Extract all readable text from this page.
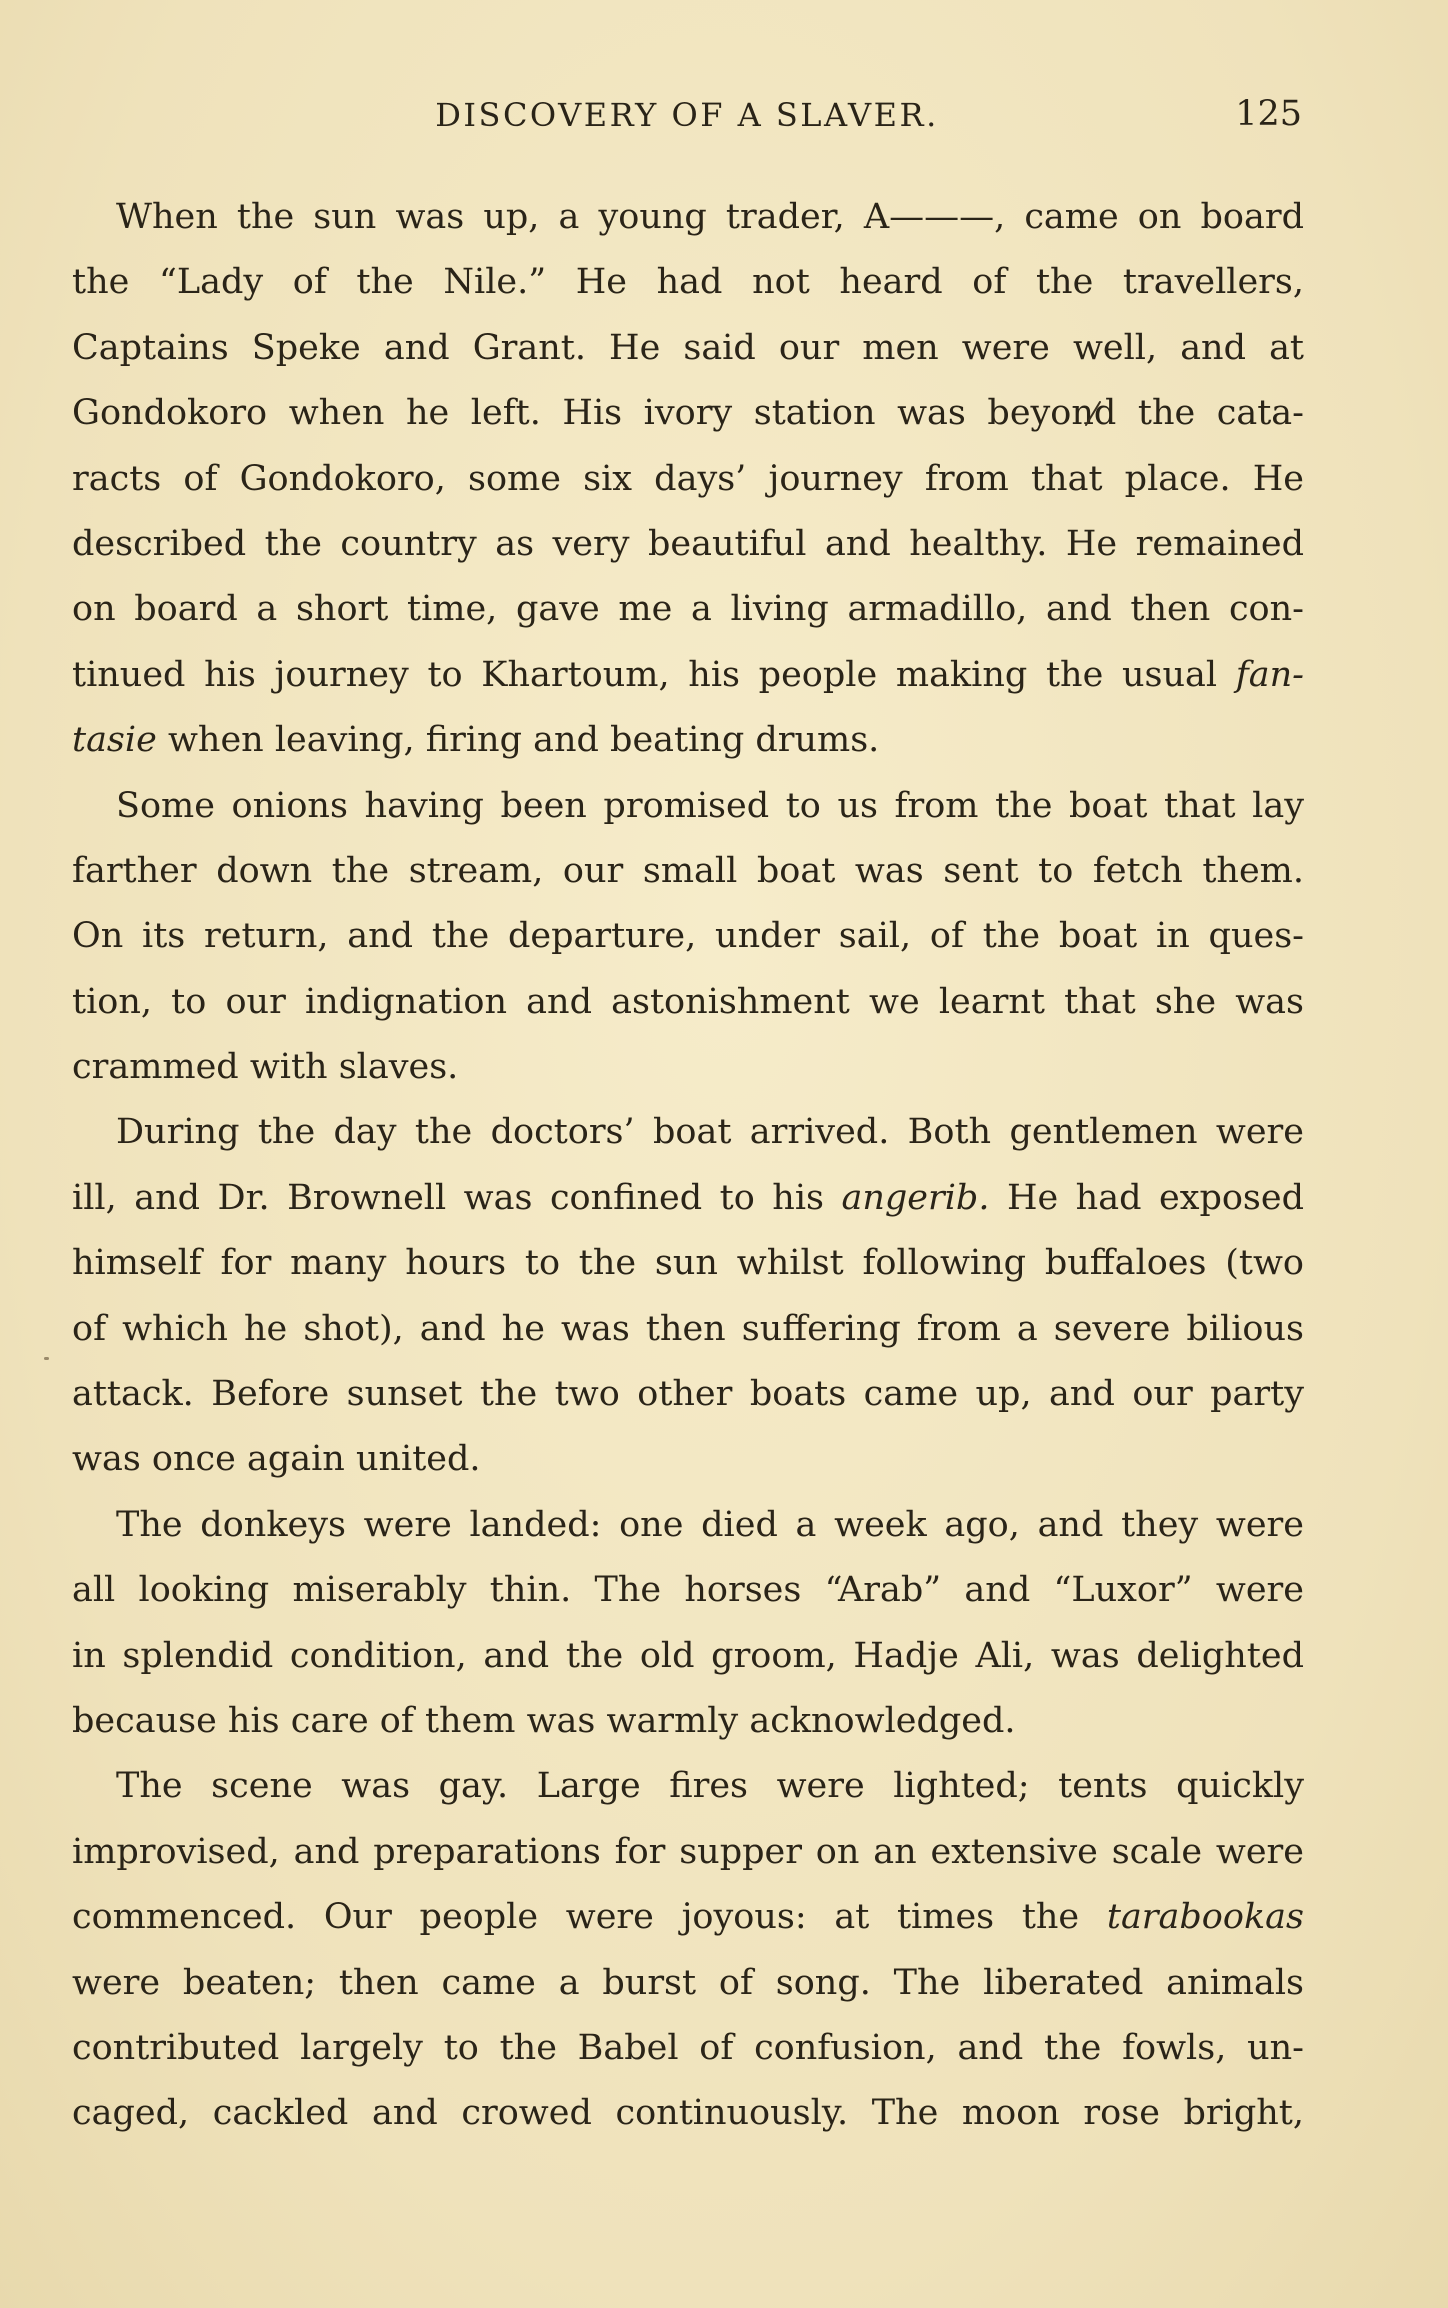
DISCOVERY OF A SLAVER.	125
When the sun was up, a young trader, A———, came on board
the “Lady of the Nile.” He had not heard of the travellers,
Captains Speke and Grant. He said our men were well, and at
Gondokoro when he left. His ivory station was beyond the cata-
racts of Gondokoro, some six days’ journey from that place. He
described the country as very beautiful and healthy. He remained
on board a short time, gave me a living armadillo, and then con-
tinued his journey to Khartoum, his people making the usual fan-
tasie when leaving, firing and beating drums.
Some onions having been promised to us from the boat that lay
farther down the stream, our small boat was sent to fetch them.
On its return, and the departure, under sail, of the boat in ques-
tion, to our indignation and astonishment we learnt that she was
crammed with slaves.
During the day the doctors’ boat arrived. Both gentlemen were
ill, and Dr. Brownell was confined to his angerib. He had exposed
himself for many hours to the sun whilst following buffaloes (two
of which he shot), and he was then suffering from a severe bilious
attack. Before sunset the two other boats came up, and our party
was once again united.
The donkeys were landed: one died a week ago, and they were
all looking miserably thin. The horses “Arab” and “Luxor” were
in splendid condition, and the old groom, Hadje Ali, was delighted
because his care of them was warmly acknowledged.
The scene was gay. Large fires were lighted; tents quickly
improvised, and preparations for supper on an extensive scale were
commenced. Our people were joyous: at times the tarabookas
were beaten; then came a burst of song. The liberated animals
contributed largely to the Babel of confusion, and the fowls, un-
caged, cackled and crowed continuously. The moon rose bright,
